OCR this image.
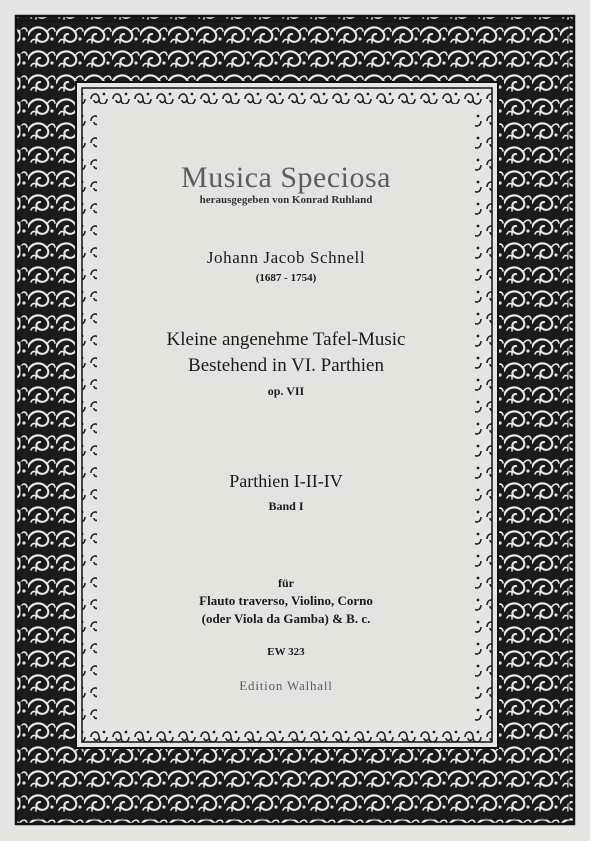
Musica Speciosa
herausgegeben von Konrad Ruhland
Johann Jacob Schnell
(1687 - 1754)
Kleine angenehme Tafel-Music
Bestehend in VI. Parthien
op. VII
Parthien I-II-IV
Band I
für
Flauto traverso, Violino, Corno
(oder Viola da Gamba) & B. c.
EW 323
Edition Walhall
